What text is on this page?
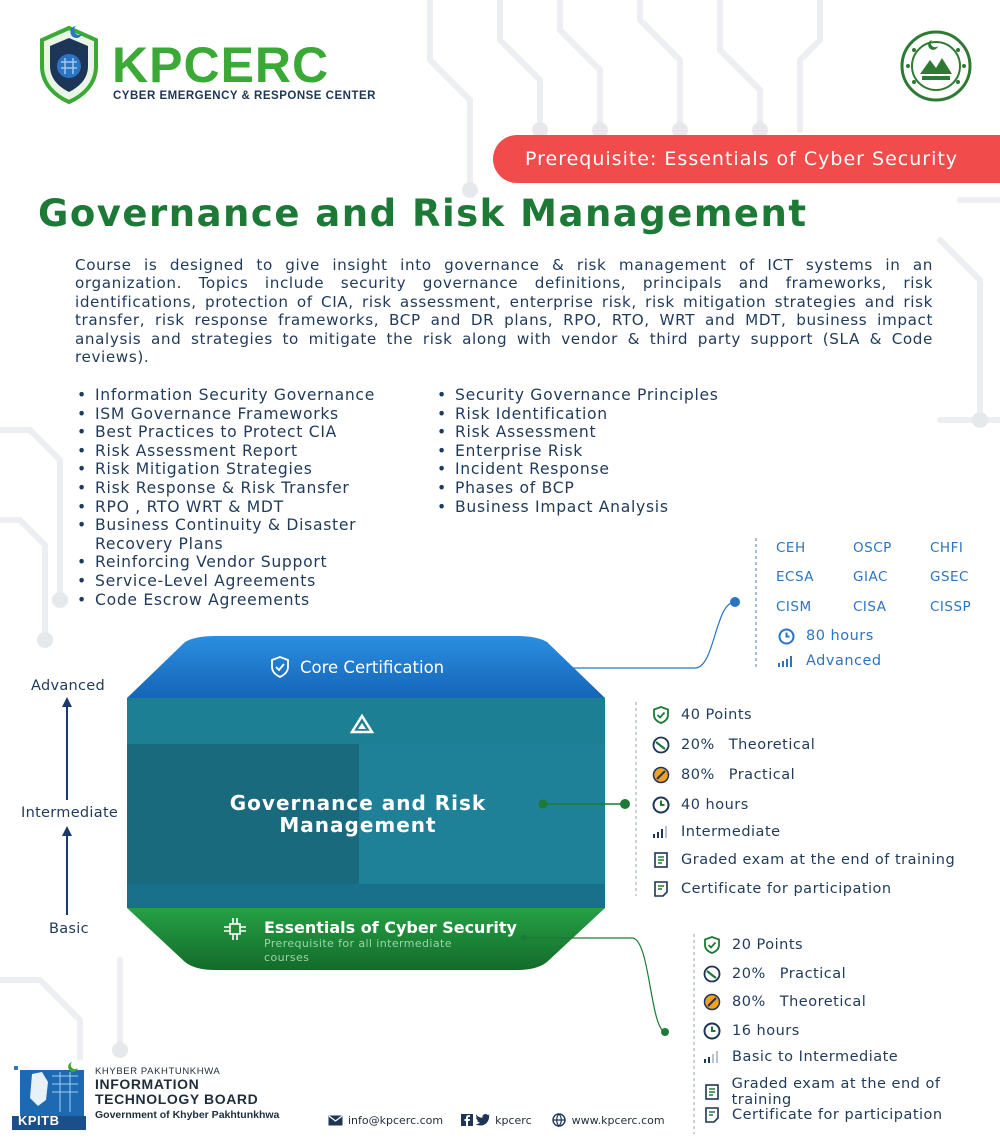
KPCERC
CYBER EMERGENCY & RESPONSE CENTER
Prerequisite: Essentials of Cyber Security
Governance and Risk Management
Course is designed to give insight into governance & risk management of ICT systems in an organization. Topics include security governance definitions, principals and frameworks, risk identifications, protection of CIA, risk assessment, enterprise risk, risk mitigation strategies and risk transfer, risk response frameworks, BCP and DR plans, RPO, RTO, WRT and MDT, business impact analysis and strategies to mitigate the risk along with vendor & third party support (SLA & Code reviews).
• Information Security Governance
• ISM Governance Frameworks
• Best Practices to Protect CIA
• Risk Assessment Report
• Risk Mitigation Strategies
• Risk Response & Risk Transfer
• RPO , RTO WRT & MDT
• Business Continuity & Disaster Recovery Plans
• Reinforcing Vendor Support
• Service-Level Agreements
• Code Escrow Agreements
• Security Governance Principles
• Risk Identification
• Risk Assessment
• Enterprise Risk
• Incident Response
• Phases of BCP
• Business Impact Analysis
CEH	OSCP	CHFI
ECSA	GIAC	GSEC
CISM	CISA	CISSP
80 hours
Advanced
Advanced
Intermediate
Basic
Core Certification
Governance and Risk
Management
Essentials of Cyber Security
Prerequisite for all intermediate
courses
40 Points
20% Theoretical
80% Practical
40 hours
Intermediate
Graded exam at the end of training
Certificate for participation
20 Points
20% Practical
80% Theoretical
16 hours
Basic to Intermediate
Graded exam at the end of training
Certificate for participation
KPITB
KHYBER PAKHTUNKHWA
INFORMATION
TECHNOLOGY BOARD
Government of Khyber Pakhtunkhwa	info@kpcerc.com	kpcerc	www.kpcerc.com
